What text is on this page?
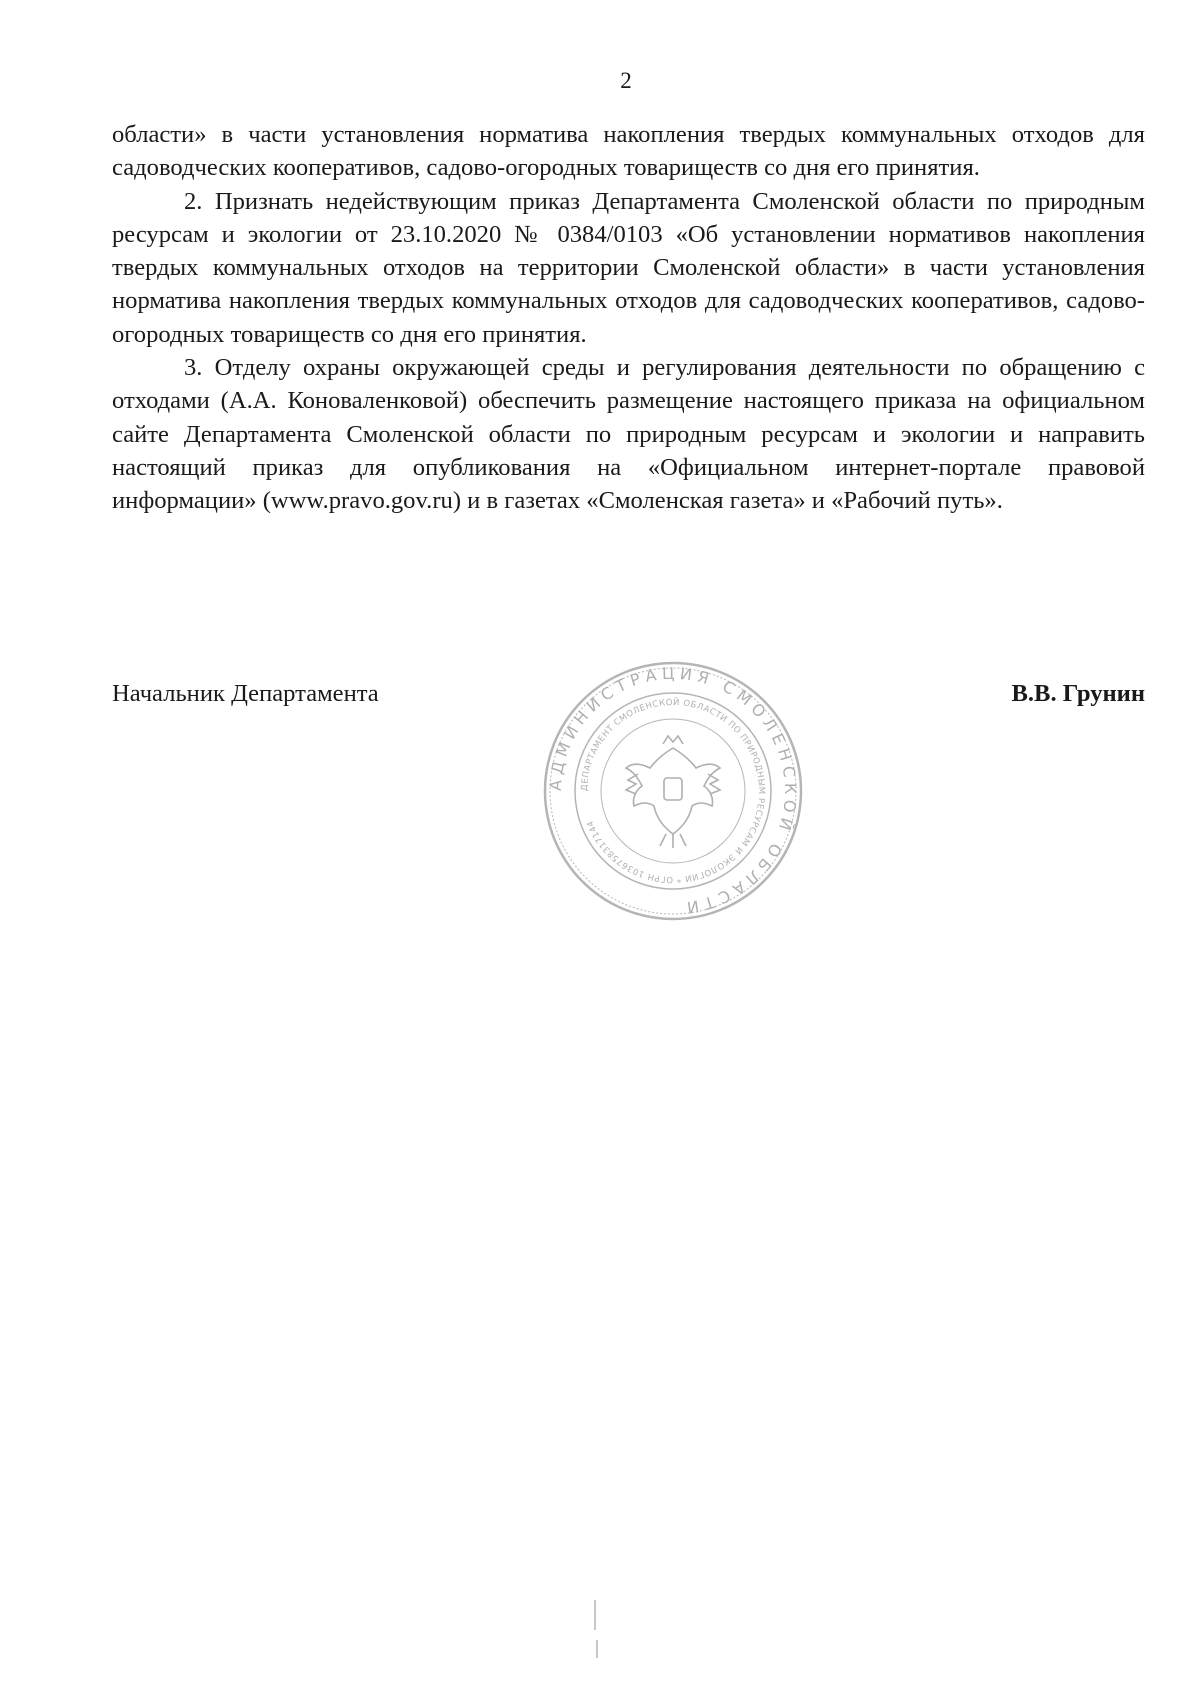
2

области» в части установления норматива накопления твердых коммунальных отходов для садоводческих кооперативов, садово-огородных товариществ со дня его принятия.

2. Признать недействующим приказ Департамента Смоленской области по природным ресурсам и экологии от 23.10.2020 № 0384/0103 «Об установлении нормативов накопления твердых коммунальных отходов на территории Смоленской области» в части установления норматива накопления твердых коммунальных отходов для садоводческих кооперативов, садово-огородных товариществ со дня его принятия.

3. Отделу охраны окружающей среды и регулирования деятельности по обращению с отходами (А.А. Коноваленковой) обеспечить размещение настоящего приказа на официальном сайте Департамента Смоленской области по природным ресурсам и экологии и направить настоящий приказ для опубликования на «Официальном интернет-портале правовой информации» (www.pravo.gov.ru) и в газетах «Смоленская газета» и «Рабочий путь».

Начальник Департамента	В.В. Грунин
АДМИНИСТРАЦИЯ СМОЛЕНСКОЙ ОБЛАСТИ
ДЕПАРТАМЕНТ СМОЛЕНСКОЙ ОБЛАСТИ ПО ПРИРОДНЫМ РЕСУРСАМ И ЭКОЛОГИИ * ОГРН 1036758317144
